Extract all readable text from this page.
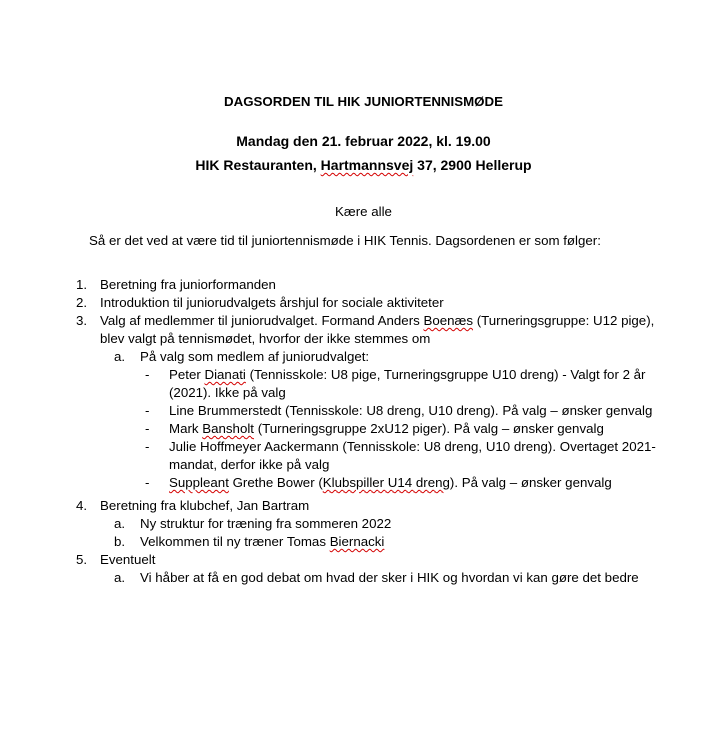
DAGSORDEN TIL HIK JUNIORTENNISMØDE
Mandag den 21. februar 2022, kl. 19.00
HIK Restauranten, Hartmannsvej 37, 2900 Hellerup
Kære alle
Så er det ved at være tid til juniortennismøde i HIK Tennis. Dagsordenen er som følger:
1. Beretning fra juniorformanden
2. Introduktion til juniorudvalgets årshjul for sociale aktiviteter
3. Valg af medlemmer til juniorudvalget. Formand Anders Boenæs (Turneringsgruppe: U12 pige),
blev valgt på tennismødet, hvorfor der ikke stemmes om
a. På valg som medlem af juniorudvalget:
- Peter Dianati (Tennisskole: U8 pige, Turneringsgruppe U10 dreng) - Valgt for 2 år
(2021). Ikke på valg
- Line Brummerstedt (Tennisskole: U8 dreng, U10 dreng). På valg – ønsker genvalg
- Mark Bansholt (Turneringsgruppe 2xU12 piger). På valg – ønsker genvalg
- Julie Hoffmeyer Aackermann (Tennisskole: U8 dreng, U10 dreng). Overtaget 2021-
mandat, derfor ikke på valg
- Suppleant Grethe Bower (Klubspiller U14 dreng). På valg – ønsker genvalg
4. Beretning fra klubchef, Jan Bartram
a. Ny struktur for træning fra sommeren 2022
b. Velkommen til ny træner Tomas Biernacki
5. Eventuelt
a. Vi håber at få en god debat om hvad der sker i HIK og hvordan vi kan gøre det bedre
